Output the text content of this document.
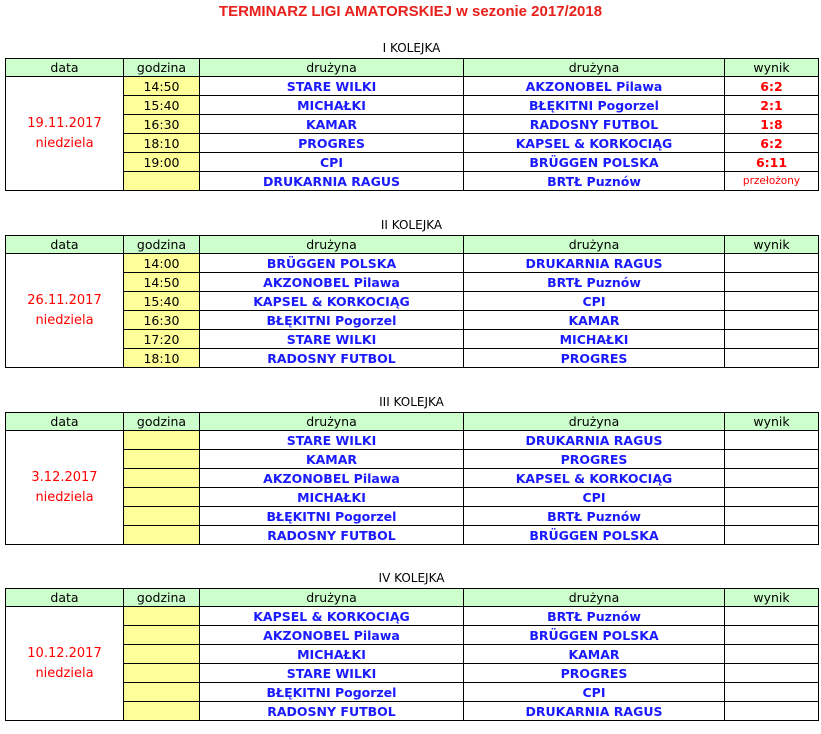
TERMINARZ LIGI AMATORSKIEJ w sezonie 2017/2018
I KOLEJKA
data	godzina	drużyna	drużyna	wynik
19.11.2017
niedziela	14:50	STARE WILKI	AKZONOBEL Pilawa	6:2
	15:40	MICHAŁKI	BŁĘKITNI Pogorzel	2:1
	16:30	KAMAR	RADOSNY FUTBOL	1:8
	18:10	PROGRES	KAPSEL & KORKOCIĄG	6:2
	19:00	CPI	BRÜGGEN POLSKA	6:11
		DRUKARNIA RAGUS	BRTŁ Puznów	przełożony
II KOLEJKA
data	godzina	drużyna	drużyna	wynik
26.11.2017
niedziela	14:00	BRÜGGEN POLSKA	DRUKARNIA RAGUS	
	14:50	AKZONOBEL Pilawa	BRTŁ Puznów	
	15:40	KAPSEL & KORKOCIĄG	CPI	
	16:30	BŁĘKITNI Pogorzel	KAMAR	
	17:20	STARE WILKI	MICHAŁKI	
	18:10	RADOSNY FUTBOL	PROGRES	
III KOLEJKA
data	godzina	drużyna	drużyna	wynik
3.12.2017
niedziela		STARE WILKI	DRUKARNIA RAGUS	
		KAMAR	PROGRES	
		AKZONOBEL Pilawa	KAPSEL & KORKOCIĄG	
		MICHAŁKI	CPI	
		BŁĘKITNI Pogorzel	BRTŁ Puznów	
		RADOSNY FUTBOL	BRÜGGEN POLSKA	
IV KOLEJKA
data	godzina	drużyna	drużyna	wynik
10.12.2017
niedziela		KAPSEL & KORKOCIĄG	BRTŁ Puznów	
		AKZONOBEL Pilawa	BRÜGGEN POLSKA	
		MICHAŁKI	KAMAR	
		STARE WILKI	PROGRES	
		BŁĘKITNI Pogorzel	CPI	
		RADOSNY FUTBOL	DRUKARNIA RAGUS	
